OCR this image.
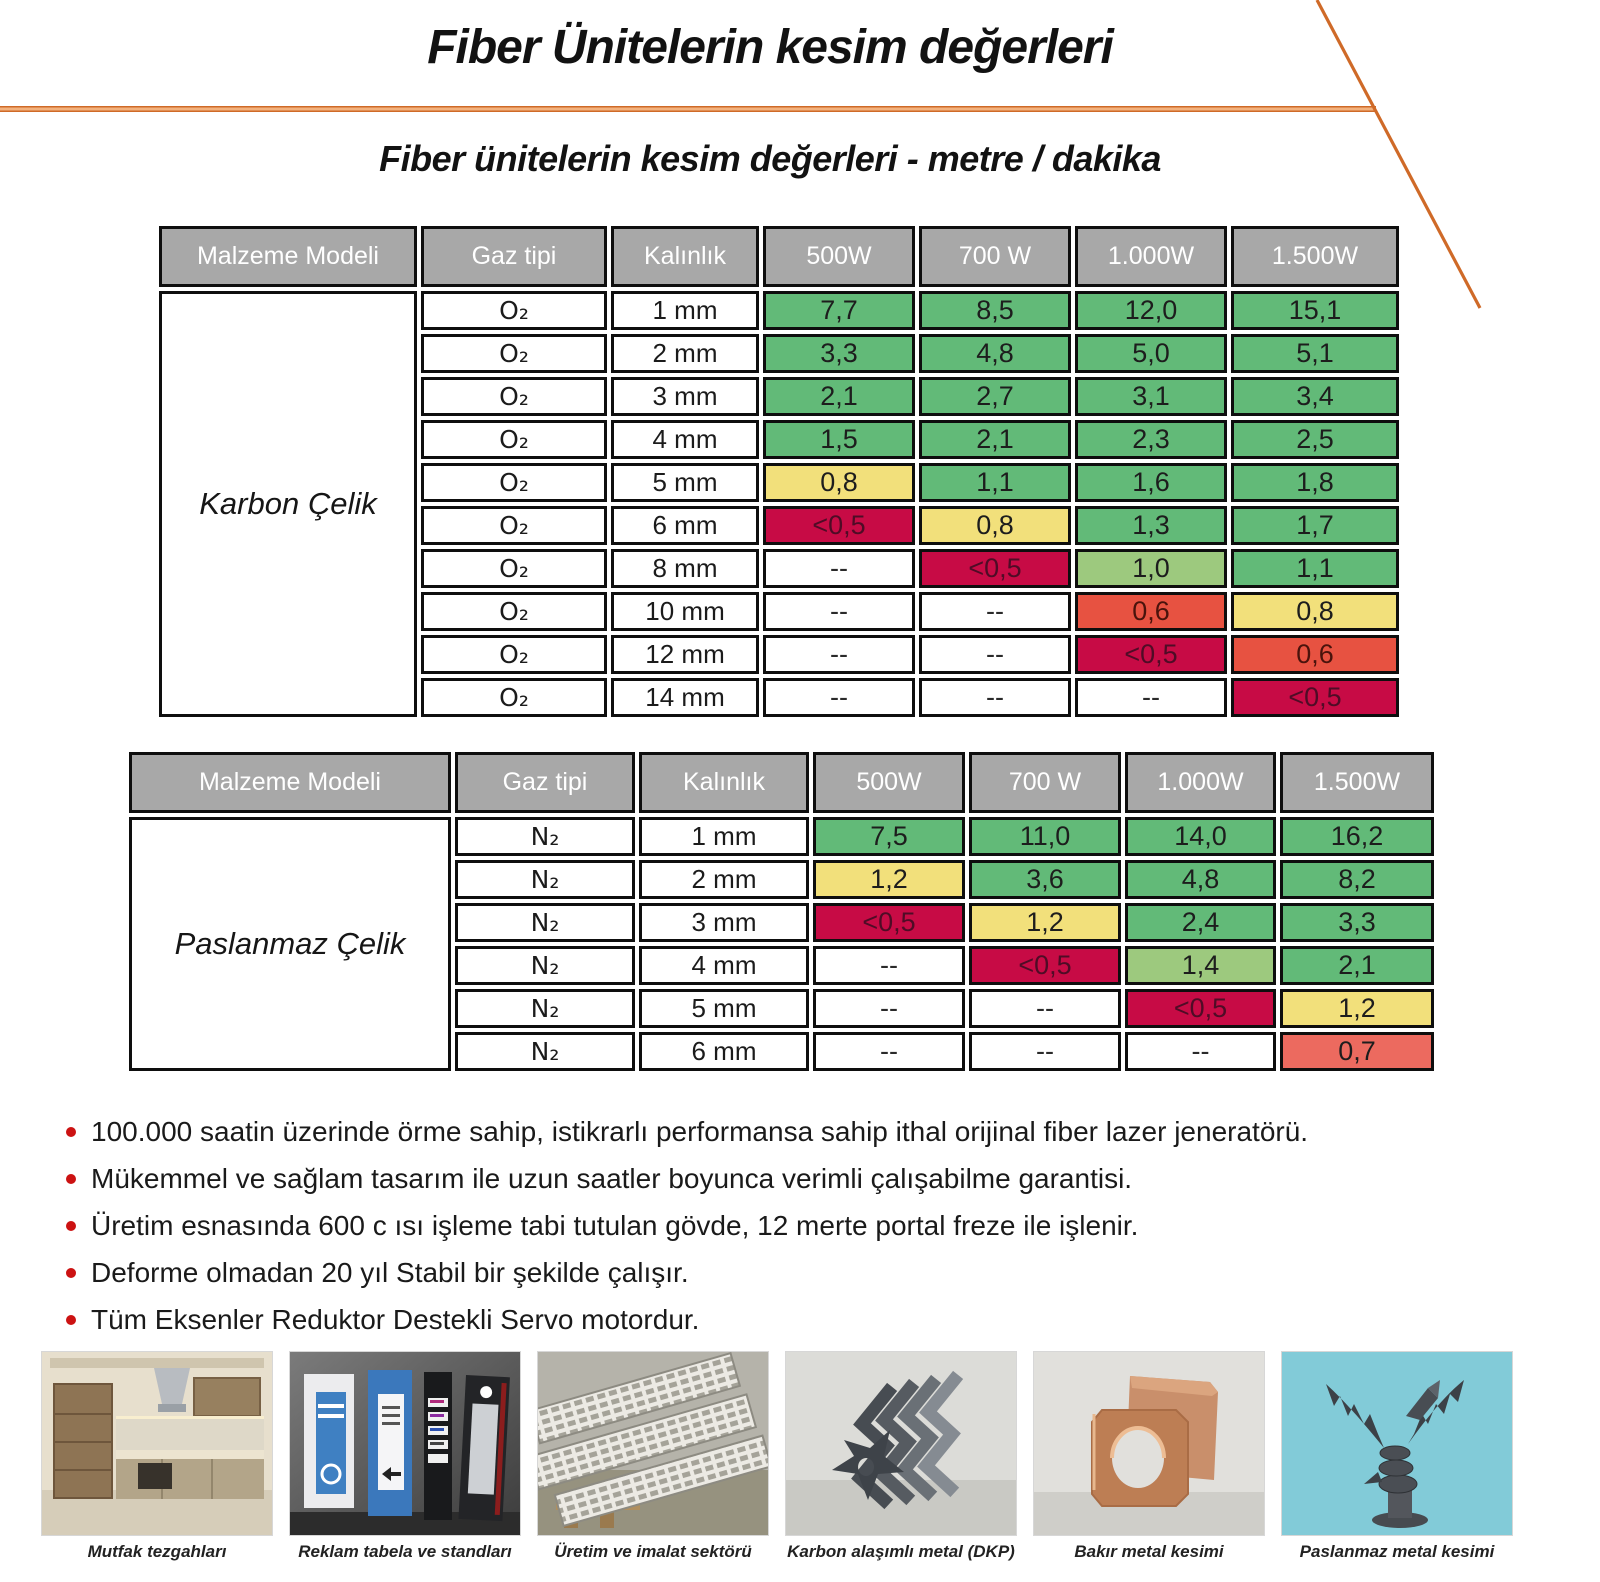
Fiber Ünitelerin kesim değerleri
Fiber ünitelerin kesim değerleri - metre / dakika
Malzeme Modeli	Gaz tipi	Kalınlık	500W	700 W	1.000W	1.500W
Karbon Çelik	O₂	1 mm	7,7	8,5	12,0	15,1
	O₂	2 mm	3,3	4,8	5,0	5,1
	O₂	3 mm	2,1	2,7	3,1	3,4
	O₂	4 mm	1,5	2,1	2,3	2,5
	O₂	5 mm	0,8	1,1	1,6	1,8
	O₂	6 mm	<0,5	0,8	1,3	1,7
	O₂	8 mm	--	<0,5	1,0	1,1
	O₂	10 mm	--	--	0,6	0,8
	O₂	12 mm	--	--	<0,5	0,6
	O₂	14 mm	--	--	--	<0,5
Malzeme Modeli	Gaz tipi	Kalınlık	500W	700 W	1.000W	1.500W
Paslanmaz Çelik	N₂	1 mm	7,5	11,0	14,0	16,2
	N₂	2 mm	1,2	3,6	4,8	8,2
	N₂	3 mm	<0,5	1,2	2,4	3,3
	N₂	4 mm	--	<0,5	1,4	2,1
	N₂	5 mm	--	--	<0,5	1,2
	N₂	6 mm	--	--	--	0,7
100.000 saatin üzerinde örme sahip, istikrarlı performansa sahip ithal orijinal fiber lazer jeneratörü.
Mükemmel ve sağlam tasarım ile uzun saatler boyunca verimli çalışabilme garantisi.
Üretim esnasında 600 c ısı işleme tabi tutulan gövde, 12 merte portal freze ile işlenir.
Deforme olmadan 20 yıl Stabil bir şekilde çalışır.
Tüm Eksenler Reduktor Destekli Servo motordur.
Mutfak tezgahları	Reklam tabela ve standları	Üretim ve imalat sektörü	Karbon alaşımlı metal (DKP)	Bakır metal kesimi	Paslanmaz metal kesimi
